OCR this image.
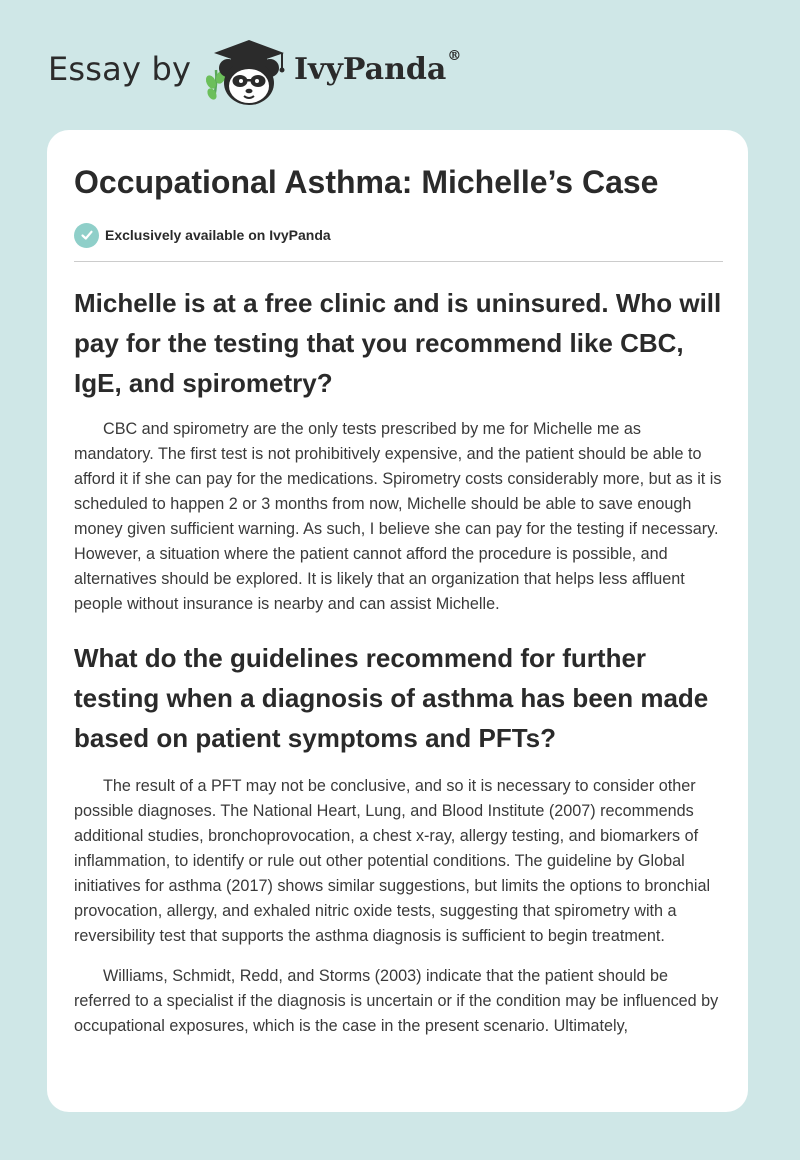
Essay by	IvyPanda®
Occupational Asthma: Michelle’s Case
Exclusively available on IvyPanda
Michelle is at a free clinic and is uninsured. Who will pay for the testing that you recommend like CBC, IgE, and spirometry?

CBC and spirometry are the only tests prescribed by me for Michelle me as mandatory. The first test is not prohibitively expensive, and the patient should be able to afford it if she can pay for the medications. Spirometry costs considerably more, but as it is scheduled to happen 2 or 3 months from now, Michelle should be able to save enough money given sufficient warning. As such, I believe she can pay for the testing if necessary. However, a situation where the patient cannot afford the procedure is possible, and alternatives should be explored. It is likely that an organization that helps less affluent people without insurance is nearby and can assist Michelle.

What do the guidelines recommend for further testing when a diagnosis of asthma has been made based on patient symptoms and PFTs?

The result of a PFT may not be conclusive, and so it is necessary to consider other possible diagnoses. The National Heart, Lung, and Blood Institute (2007) recommends additional studies, bronchoprovocation, a chest x-ray, allergy testing, and biomarkers of inflammation, to identify or rule out other potential conditions. The guideline by Global initiatives for asthma (2017) shows similar suggestions, but limits the options to bronchial provocation, allergy, and exhaled nitric oxide tests, suggesting that spirometry with a reversibility test that supports the asthma diagnosis is sufficient to begin treatment.

Williams, Schmidt, Redd, and Storms (2003) indicate that the patient should be referred to a specialist if the diagnosis is uncertain or if the condition may be influenced by occupational exposures, which is the case in the present scenario. Ultimately,
